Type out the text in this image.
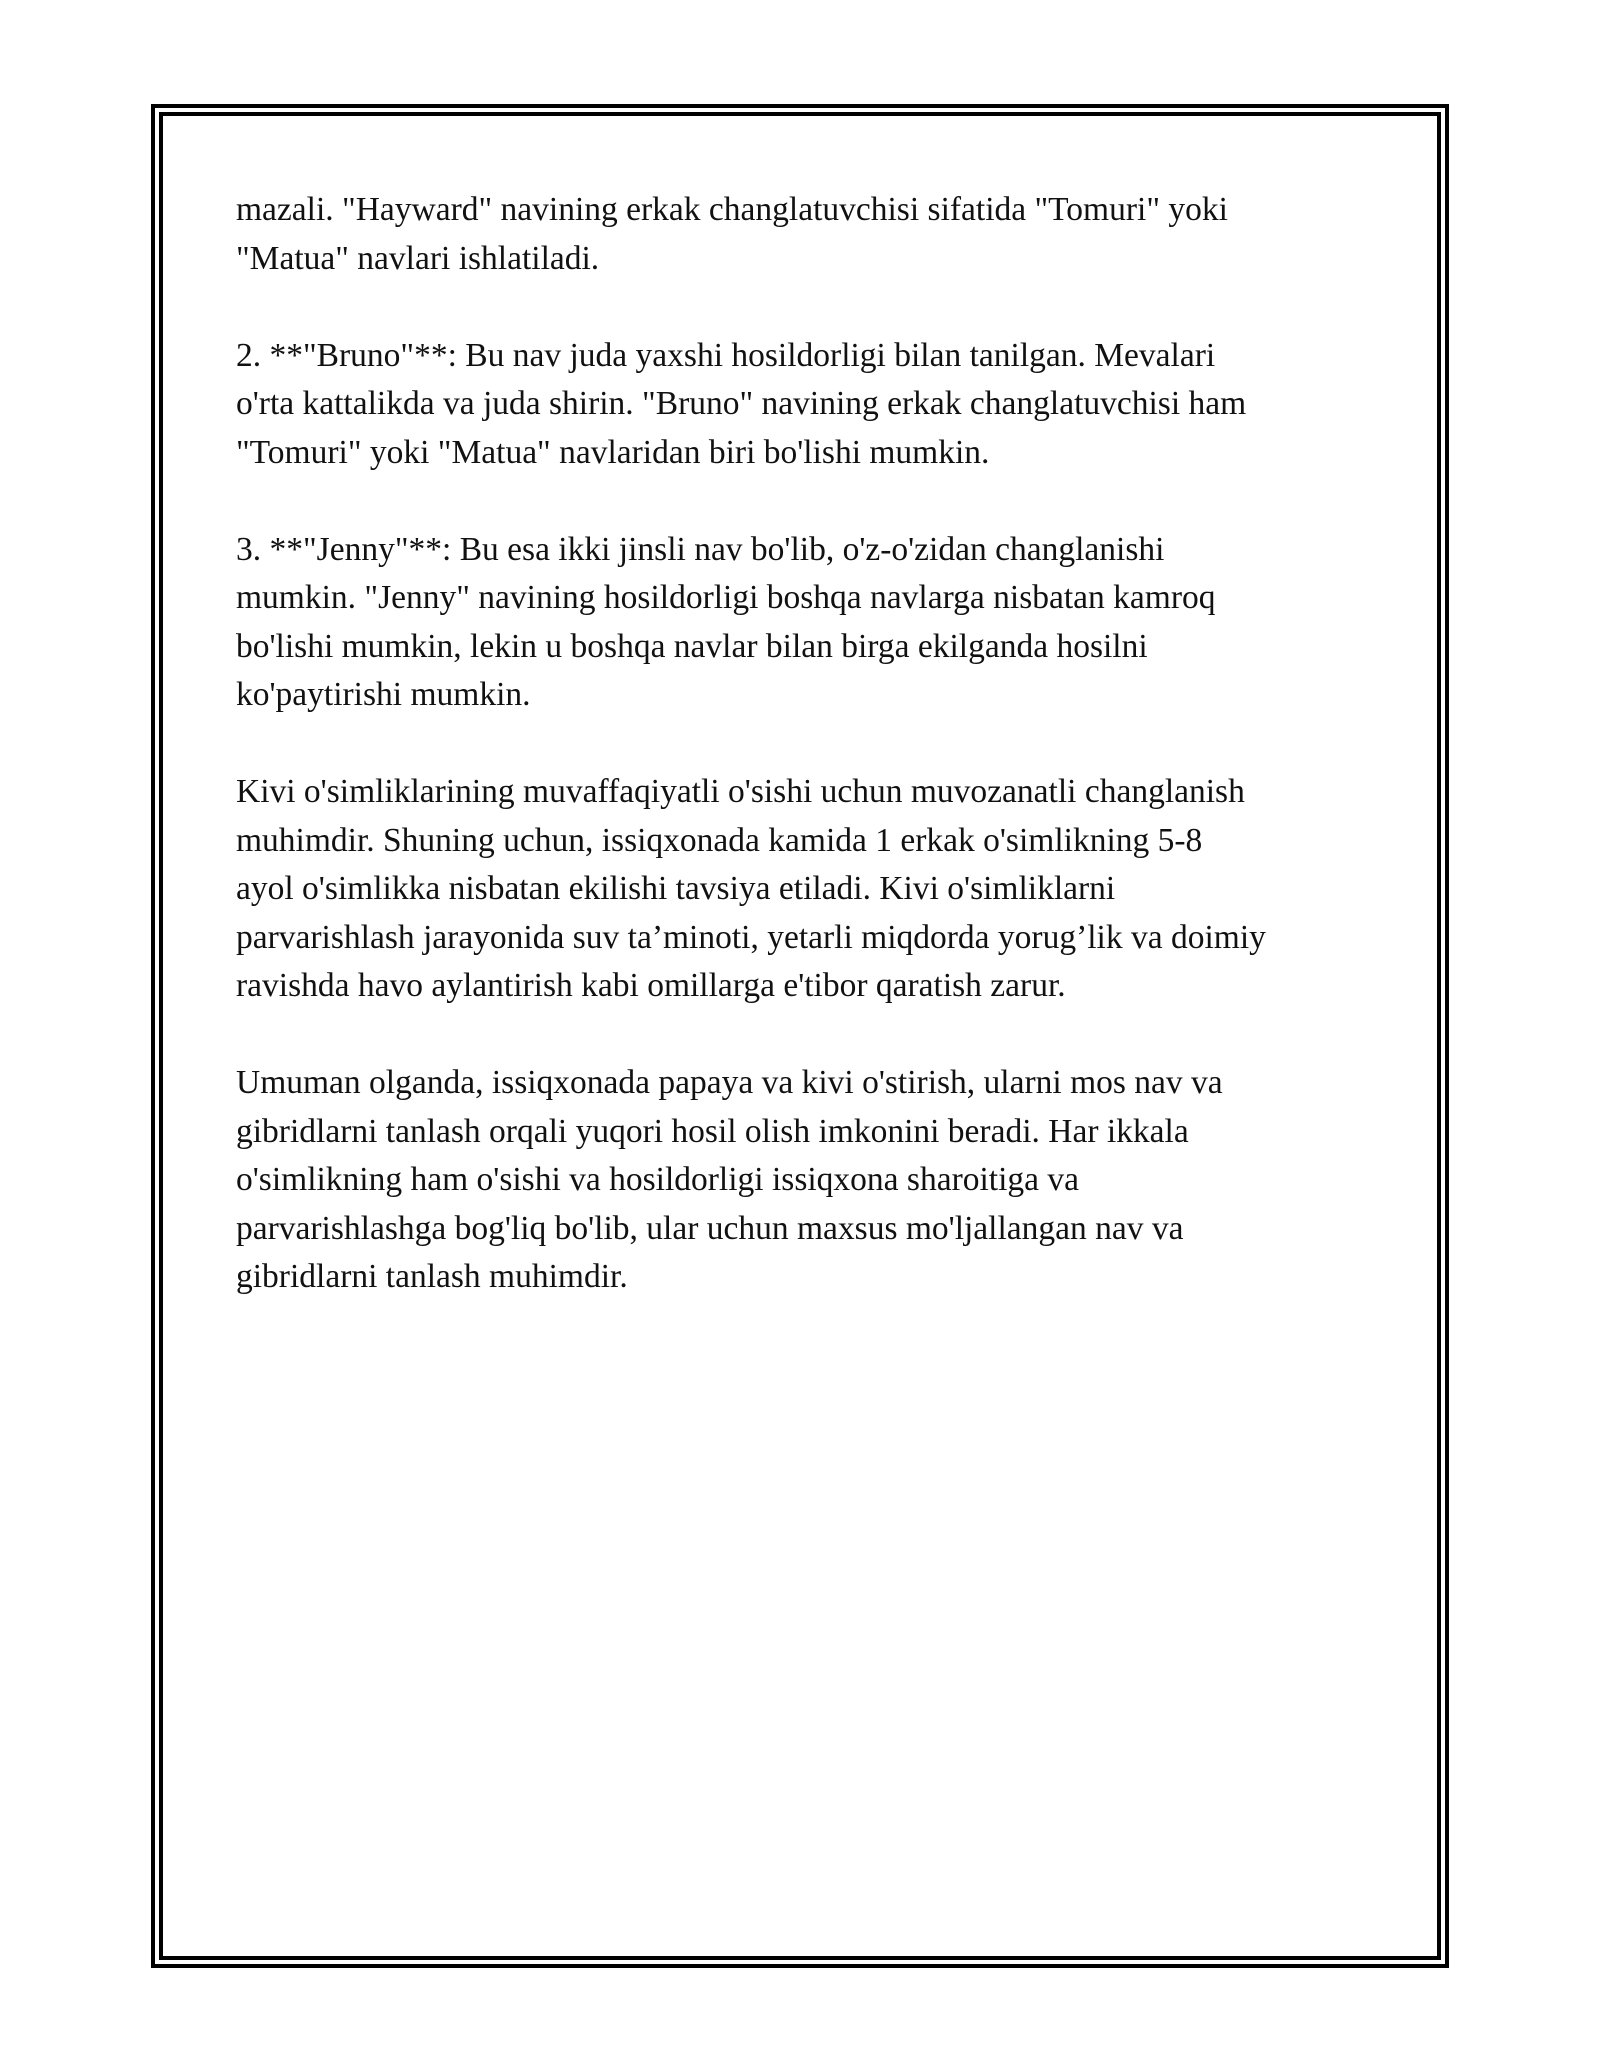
mazali. "Hayward" navining erkak changlatuvchisi sifatida "Tomuri" yoki
"Matua" navlari ishlatiladi.

2. **"Bruno"**: Bu nav juda yaxshi hosildorligi bilan tanilgan. Mevalari
o'rta kattalikda va juda shirin. "Bruno" navining erkak changlatuvchisi ham
"Tomuri" yoki "Matua" navlaridan biri bo'lishi mumkin.

3. **"Jenny"**: Bu esa ikki jinsli nav bo'lib, o'z-o'zidan changlanishi
mumkin. "Jenny" navining hosildorligi boshqa navlarga nisbatan kamroq
bo'lishi mumkin, lekin u boshqa navlar bilan birga ekilganda hosilni
ko'paytirishi mumkin.

Kivi o'simliklarining muvaffaqiyatli o'sishi uchun muvozanatli changlanish
muhimdir. Shuning uchun, issiqxonada kamida 1 erkak o'simlikning 5-8
ayol o'simlikka nisbatan ekilishi tavsiya etiladi. Kivi o'simliklarni
parvarishlash jarayonida suv ta’minoti, yetarli miqdorda yorug’lik va doimiy
ravishda havo aylantirish kabi omillarga e'tibor qaratish zarur.

Umuman olganda, issiqxonada papaya va kivi o'stirish, ularni mos nav va
gibridlarni tanlash orqali yuqori hosil olish imkonini beradi. Har ikkala
o'simlikning ham o'sishi va hosildorligi issiqxona sharoitiga va
parvarishlashga bog'liq bo'lib, ular uchun maxsus mo'ljallangan nav va
gibridlarni tanlash muhimdir.
